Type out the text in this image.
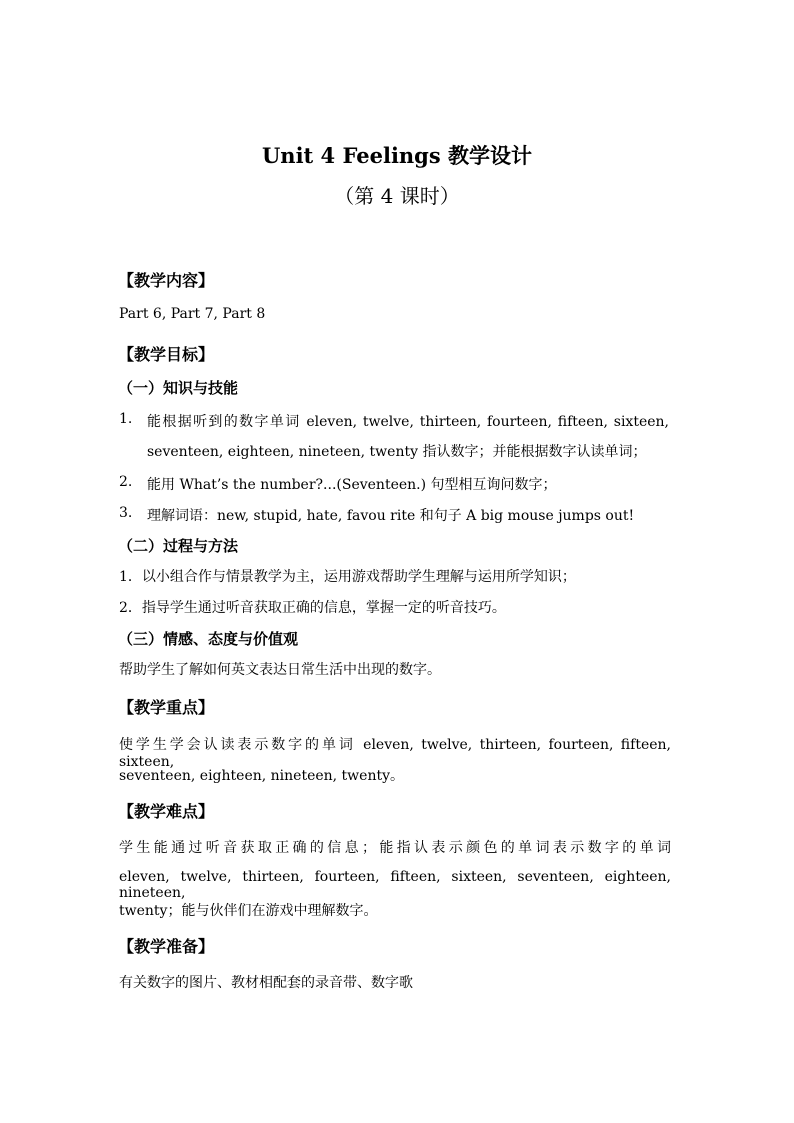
Unit 4 Feelings 教学设计
（第 4 课时）
【教学内容】
Part 6, Part 7, Part 8
【教学目标】
（一）知识与技能
1. 能根据听到的数字单词 eleven, twelve, thirteen, fourteen, fifteen, sixteen,
seventeen, eighteen, nineteen, twenty 指认数字；并能根据数字认读单词；
2. 能用 What’s the number?...(Seventeen.) 句型相互询问数字；
3. 理解词语：new, stupid, hate, favou rite 和句子 A big mouse jumps out!
（二）过程与方法
1．以小组合作与情景教学为主，运用游戏帮助学生理解与运用所学知识；
2．指导学生通过听音获取正确的信息，掌握一定的听音技巧。
（三）情感、态度与价值观
帮助学生了解如何英文表达日常生活中出现的数字。
【教学重点】
使学生学会认读表示数字的单词 eleven, twelve, thirteen, fourteen, fifteen, sixteen,
seventeen, eighteen, nineteen, twenty。
【教学难点】
学生能通过听音获取正确的信息；能指认表示颜色的单词表示数字的单词
eleven, twelve, thirteen, fourteen, fifteen, sixteen, seventeen, eighteen, nineteen,
twenty；能与伙伴们在游戏中理解数字。
【教学准备】
有关数字的图片、教材相配套的录音带、数字歌
